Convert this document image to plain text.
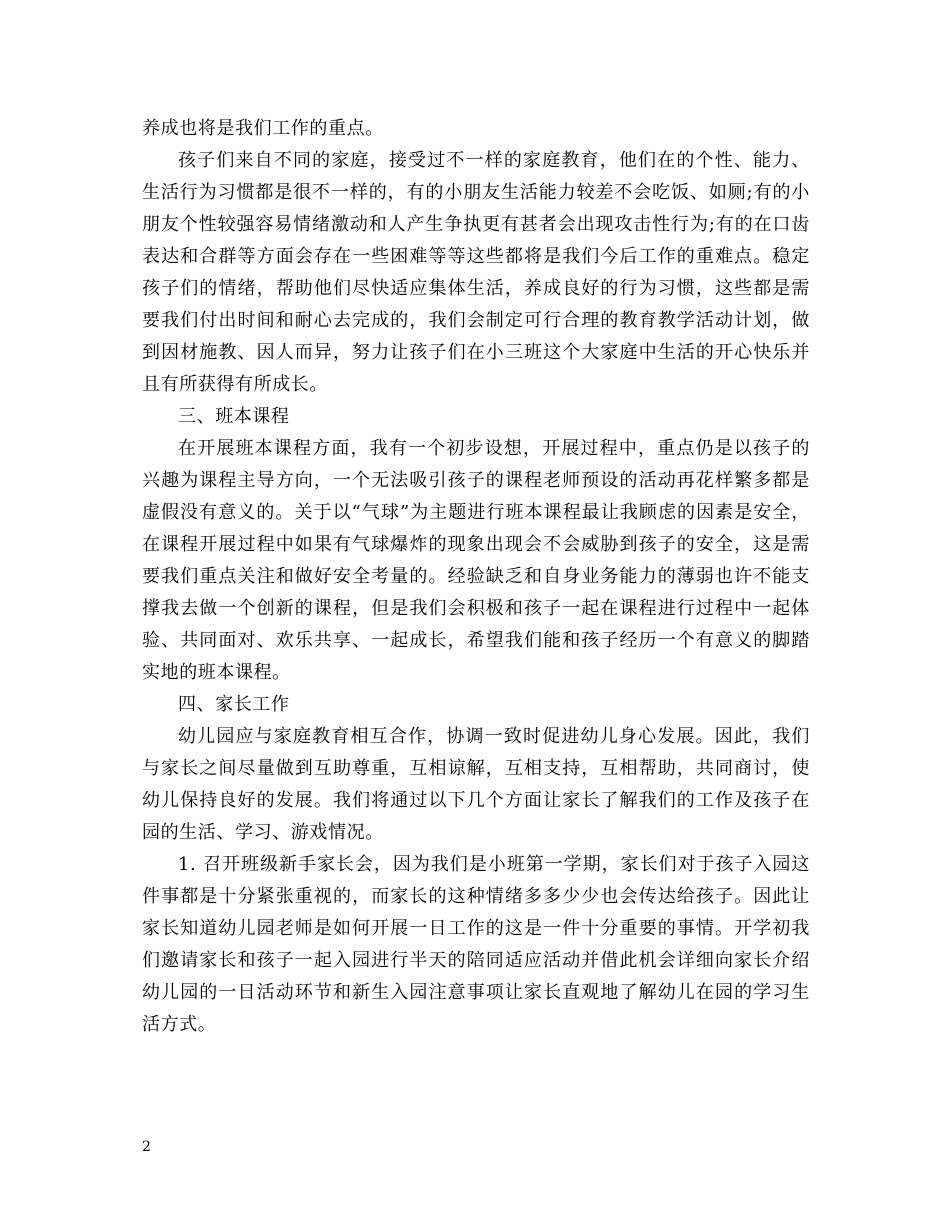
养成也将是我们工作的重点。

孩子们来自不同的家庭，接受过不一样的家庭教育，他们在的个性、能力、生活行为习惯都是很不一样的，有的小朋友生活能力较差不会吃饭、如厕;有的小朋友个性较强容易情绪激动和人产生争执更有甚者会出现攻击性行为;有的在口齿表达和合群等方面会存在一些困难等等这些都将是我们今后工作的重难点。稳定孩子们的情绪，帮助他们尽快适应集体生活，养成良好的行为习惯，这些都是需要我们付出时间和耐心去完成的，我们会制定可行合理的教育教学活动计划，做到因材施教、因人而异，努力让孩子们在小三班这个大家庭中生活的开心快乐并且有所获得有所成长。

三、班本课程

在开展班本课程方面，我有一个初步设想，开展过程中，重点仍是以孩子的兴趣为课程主导方向，一个无法吸引孩子的课程老师预设的活动再花样繁多都是虚假没有意义的。关于以“气球”为主题进行班本课程最让我顾虑的因素是安全，在课程开展过程中如果有气球爆炸的现象出现会不会威胁到孩子的安全，这是需要我们重点关注和做好安全考量的。经验缺乏和自身业务能力的薄弱也许不能支撑我去做一个创新的课程，但是我们会积极和孩子一起在课程进行过程中一起体验、共同面对、欢乐共享、一起成长，希望我们能和孩子经历一个有意义的脚踏实地的班本课程。

四、家长工作

幼儿园应与家庭教育相互合作，协调一致时促进幼儿身心发展。因此，我们与家长之间尽量做到互助尊重，互相谅解，互相支持，互相帮助，共同商讨，使幼儿保持良好的发展。我们将通过以下几个方面让家长了解我们的工作及孩子在园的生活、学习、游戏情况。

1. 召开班级新手家长会，因为我们是小班第一学期，家长们对于孩子入园这件事都是十分紧张重视的，而家长的这种情绪多多少少也会传达给孩子。因此让家长知道幼儿园老师是如何开展一日工作的这是一件十分重要的事情。开学初我们邀请家长和孩子一起入园进行半天的陪同适应活动并借此机会详细向家长介绍幼儿园的一日活动环节和新生入园注意事项让家长直观地了解幼儿在园的学习生活方式。

2
